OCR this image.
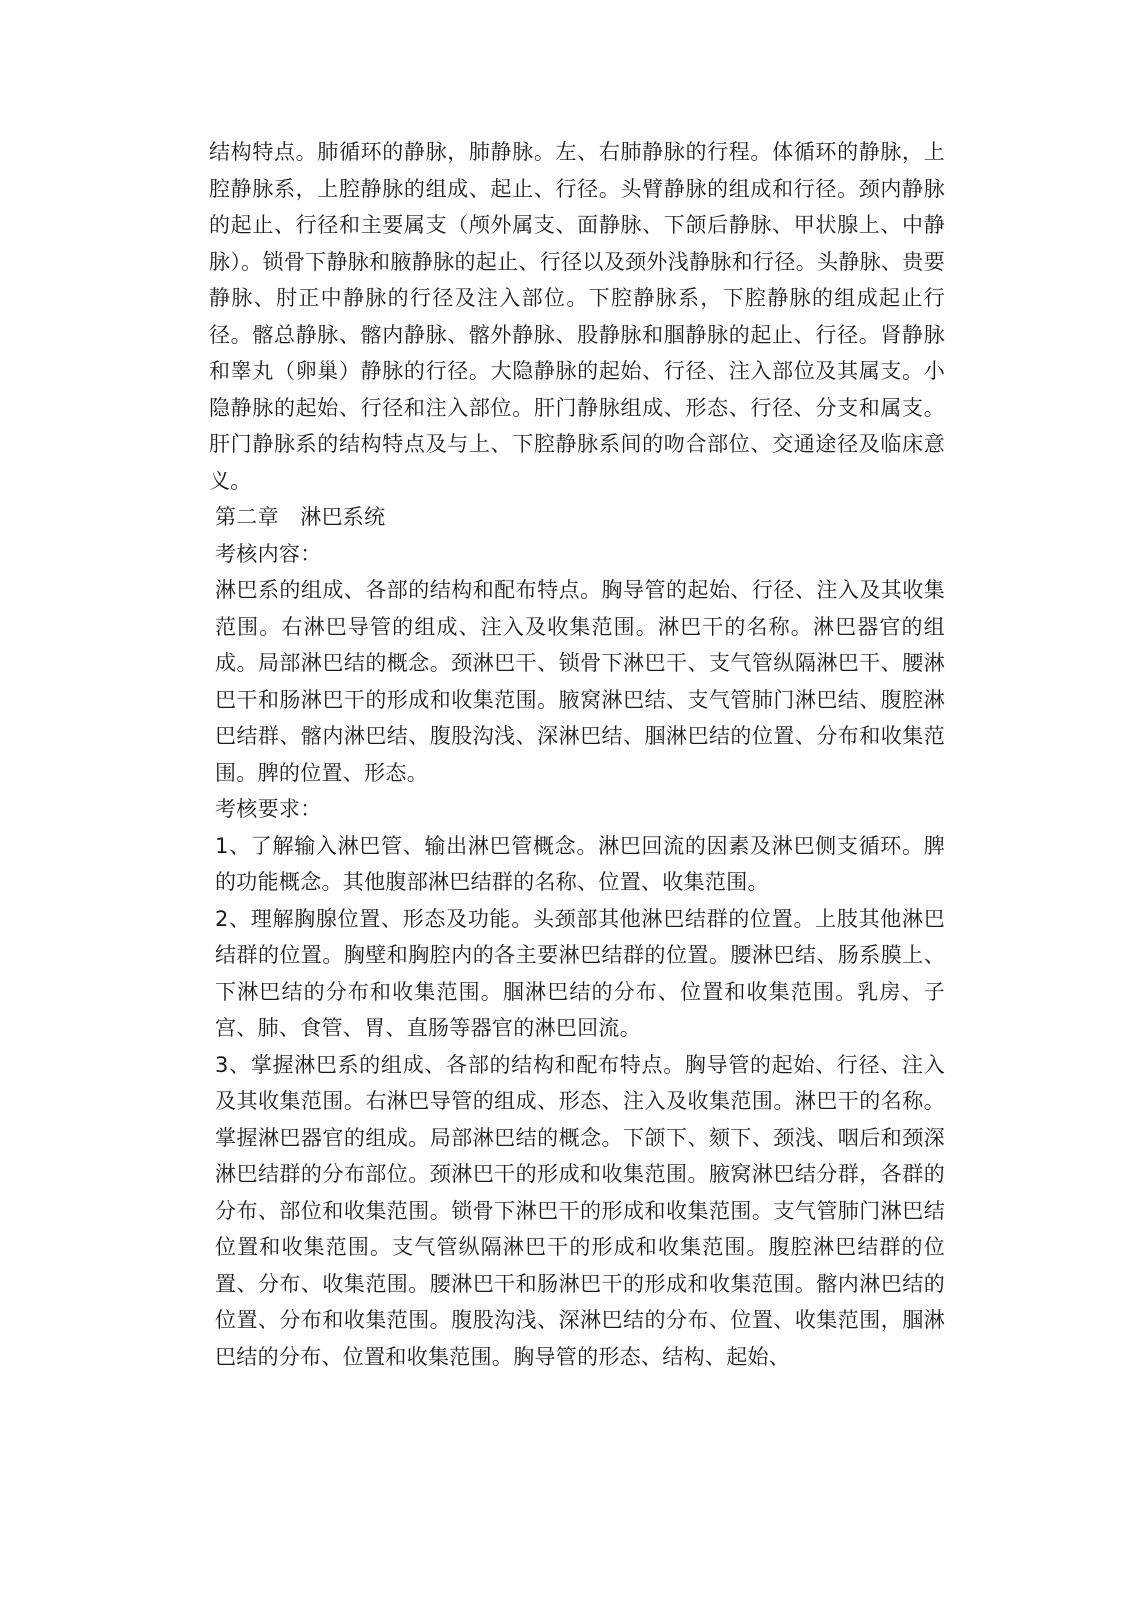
结构特点。肺循环的静脉，肺静脉。左、右肺静脉的行程。体循环的静脉，上腔静脉系，上腔静脉的组成、起止、行径。头臂静脉的组成和行径。颈内静脉的起止、行径和主要属支（颅外属支、面静脉、下颌后静脉、甲状腺上、中静脉）。锁骨下静脉和腋静脉的起止、行径以及颈外浅静脉和行径。头静脉、贵要静脉、肘正中静脉的行径及注入部位。下腔静脉系，下腔静脉的组成起止行径。髂总静脉、髂内静脉、髂外静脉、股静脉和腘静脉的起止、行径。肾静脉和睾丸（卵巢）静脉的行径。大隐静脉的起始、行径、注入部位及其属支。小隐静脉的起始、行径和注入部位。肝门静脉组成、形态、行径、分支和属支。肝门静脉系的结构特点及与上、下腔静脉系间的吻合部位、交通途径及临床意义。

第二章　淋巴系统

考核内容：

淋巴系的组成、各部的结构和配布特点。胸导管的起始、行径、注入及其收集范围。右淋巴导管的组成、注入及收集范围。淋巴干的名称。淋巴器官的组成。局部淋巴结的概念。颈淋巴干、锁骨下淋巴干、支气管纵隔淋巴干、腰淋巴干和肠淋巴干的形成和收集范围。腋窝淋巴结、支气管肺门淋巴结、腹腔淋巴结群、髂内淋巴结、腹股沟浅、深淋巴结、腘淋巴结的位置、分布和收集范围。脾的位置、形态。

考核要求：

1、了解输入淋巴管、输出淋巴管概念。淋巴回流的因素及淋巴侧支循环。脾的功能概念。其他腹部淋巴结群的名称、位置、收集范围。

2、理解胸腺位置、形态及功能。头颈部其他淋巴结群的位置。上肢其他淋巴结群的位置。胸壁和胸腔内的各主要淋巴结群的位置。腰淋巴结、肠系膜上、下淋巴结的分布和收集范围。腘淋巴结的分布、位置和收集范围。乳房、子宫、肺、食管、胃、直肠等器官的淋巴回流。

3、掌握淋巴系的组成、各部的结构和配布特点。胸导管的起始、行径、注入及其收集范围。右淋巴导管的组成、形态、注入及收集范围。淋巴干的名称。掌握淋巴器官的组成。局部淋巴结的概念。下颌下、颏下、颈浅、咽后和颈深淋巴结群的分布部位。颈淋巴干的形成和收集范围。腋窝淋巴结分群，各群的分布、部位和收集范围。锁骨下淋巴干的形成和收集范围。支气管肺门淋巴结位置和收集范围。支气管纵隔淋巴干的形成和收集范围。腹腔淋巴结群的位置、分布、收集范围。腰淋巴干和肠淋巴干的形成和收集范围。髂内淋巴结的位置、分布和收集范围。腹股沟浅、深淋巴结的分布、位置、收集范围，腘淋巴结的分布、位置和收集范围。胸导管的形态、结构、起始、
